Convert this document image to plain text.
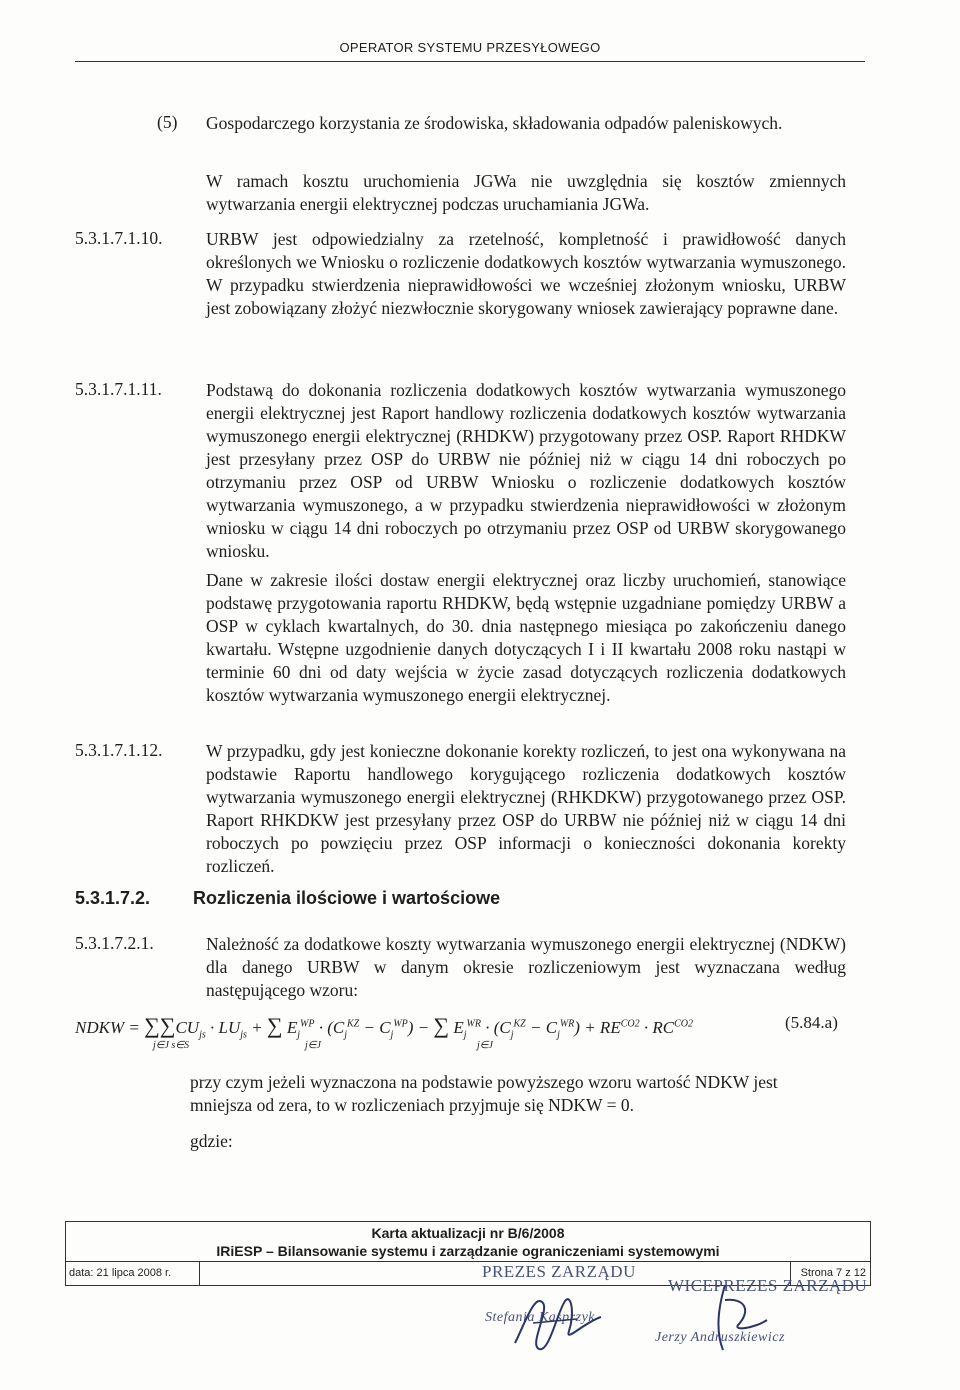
OPERATOR SYSTEMU PRZESYŁOWEGO
(5) Gospodarczego korzystania ze środowiska, składowania odpadów paleniskowych.
W ramach kosztu uruchomienia JGWa nie uwzględnia się kosztów zmiennych wytwarzania energii elektrycznej podczas uruchamiania JGWa.
5.3.1.7.1.10. URBW jest odpowiedzialny za rzetelność, kompletność i prawidłowość danych określonych we Wniosku o rozliczenie dodatkowych kosztów wytwarzania wymuszonego. W przypadku stwierdzenia nieprawidłowości we wcześniej złożonym wniosku, URBW jest zobowiązany złożyć niezwłocznie skorygowany wniosek zawierający poprawne dane.
5.3.1.7.1.11.	Podstawą do dokonania rozliczenia dodatkowych kosztów wytwarzania wymuszonego energii elektrycznej jest Raport handlowy rozliczenia dodatkowych kosztów wytwarzania wymuszonego energii elektrycznej (RHDKW) przygotowany przez OSP. Raport RHDKW jest przesyłany przez OSP do URBW nie później niż w ciągu 14 dni roboczych po otrzymaniu przez OSP od URBW Wniosku o rozliczenie dodatkowych kosztów wytwarzania wymuszonego, a w przypadku stwierdzenia nieprawidłowości w złożonym wniosku w ciągu 14 dni roboczych po otrzymaniu przez OSP od URBW skorygowanego wniosku.
Dane w zakresie ilości dostaw energii elektrycznej oraz liczby uruchomień, stanowiące podstawę przygotowania raportu RHDKW, będą wstępnie uzgadniane pomiędzy URBW a OSP w cyklach kwartalnych, do 30. dnia następnego miesiąca po zakończeniu danego kwartału. Wstępne uzgodnienie danych dotyczących I i II kwartału 2008 roku nastąpi w terminie 60 dni od daty wejścia w życie zasad dotyczących rozliczenia dodatkowych kosztów wytwarzania wymuszonego energii elektrycznej.
5.3.1.7.1.12. W przypadku, gdy jest konieczne dokonanie korekty rozliczeń, to jest ona wykonywana na podstawie Raportu handlowego korygującego rozliczenia dodatkowych kosztów wytwarzania wymuszonego energii elektrycznej (RHKDKW) przygotowanego przez OSP. Raport RHKDKW jest przesyłany przez OSP do URBW nie później niż w ciągu 14 dni roboczych po powzięciu przez OSP informacji o konieczności dokonania korekty rozliczeń.
5.3.1.7.2. Rozliczenia ilościowe i wartościowe
5.3.1.7.2.1.	Należność za dodatkowe koszty wytwarzania wymuszonego energii elektrycznej (NDKW) dla danego URBW w danym okresie rozliczeniowym jest wyznaczana według następującego wzoru:
NDKW = $\sum\sum CU_{js} \cdot LU_{js}$ + ∑ $E_j^{WP} \cdot (C_j^{KZ} - C_j^{WP})$ − ∑ $E_j^{WR} \cdot (C_j^{KZ} - C_j^{WR}) + RE^{CO2} \cdot RC^{CO2}$
j∈J s∈S	j∈J	j∈J
(5.84.a)
przy czym jeżeli wyznaczona na podstawie powyższego wzoru wartość NDKW jest mniejsza od zera, to w rozliczeniach przyjmuje się NDKW = 0.
gdzie:
Karta aktualizacji nr B/6/2008
IRiESP – Bilansowanie systemu i zarządzanie ograniczeniami systemowymi
data: 21 lipca 2008 r.	Strona 7 z 12
PREZES ZARZĄDU
WICEPREZES ZARZĄDU
Stefania Kasprzyk
Jerzy Andruszkiewicz
